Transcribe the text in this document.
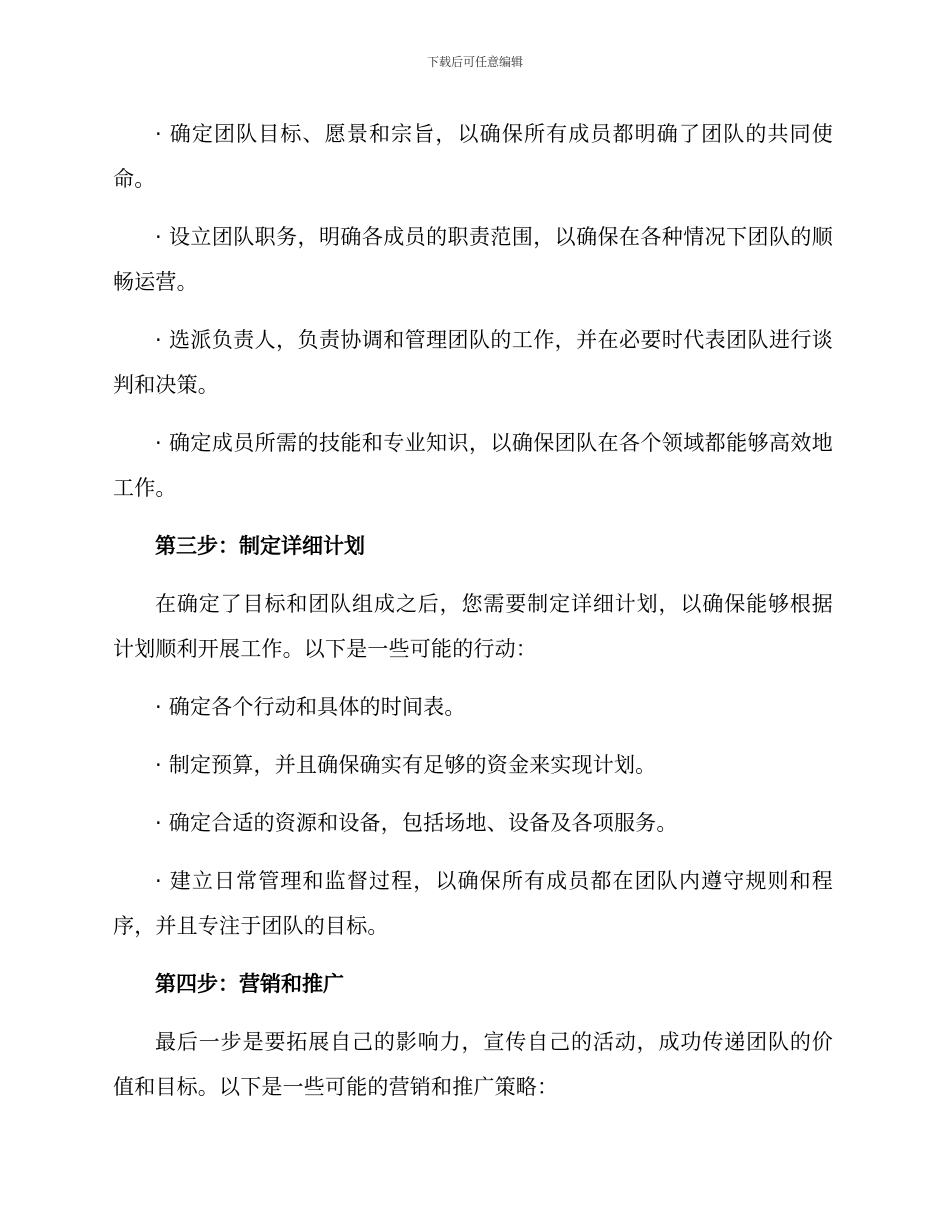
下载后可任意编辑

· 确定团队目标、愿景和宗旨，以确保所有成员都明确了团队的共同使命。

· 设立团队职务，明确各成员的职责范围，以确保在各种情况下团队的顺畅运营。

· 选派负责人，负责协调和管理团队的工作，并在必要时代表团队进行谈判和决策。

· 确定成员所需的技能和专业知识，以确保团队在各个领域都能够高效地工作。

第三步：制定详细计划

在确定了目标和团队组成之后，您需要制定详细计划，以确保能够根据计划顺利开展工作。以下是一些可能的行动：

· 确定各个行动和具体的时间表。

· 制定预算，并且确保确实有足够的资金来实现计划。

· 确定合适的资源和设备，包括场地、设备及各项服务。

· 建立日常管理和监督过程，以确保所有成员都在团队内遵守规则和程序，并且专注于团队的目标。

第四步：营销和推广

最后一步是要拓展自己的影响力，宣传自己的活动，成功传递团队的价值和目标。以下是一些可能的营销和推广策略：
